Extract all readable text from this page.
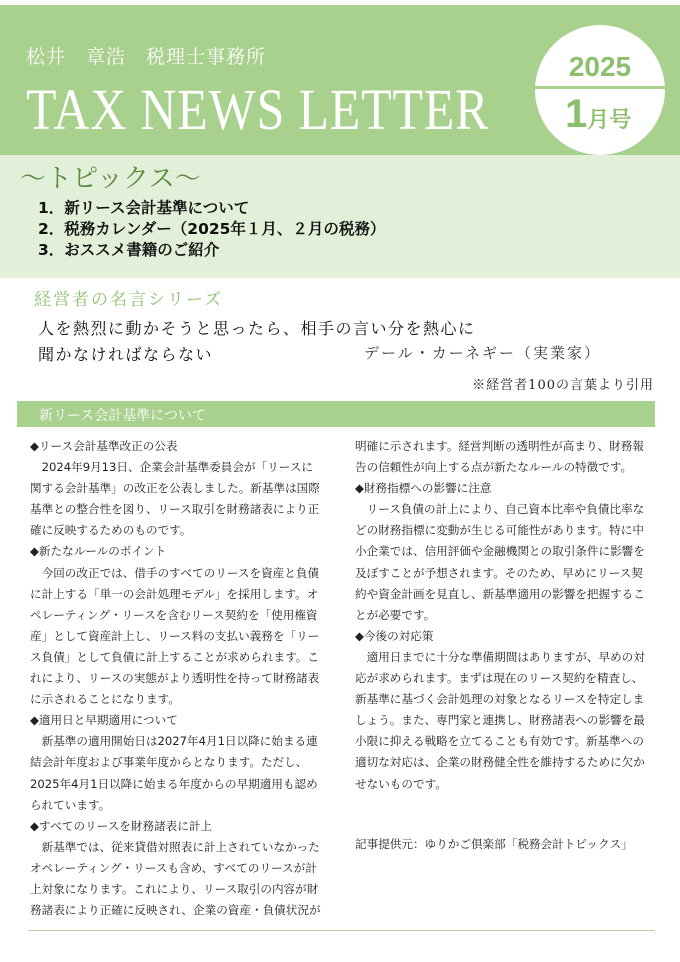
松井　章浩　税理士事務所
TAX NEWS LETTER
2025
1月号
～トピックス～
1．新リース会計基準について
2．税務カレンダー（2025年１月、２月の税務）
3．おススメ書籍のご紹介
経営者の名言シリーズ
人を熱烈に動かそうと思ったら、相手の言い分を熱心に
聞かなければならない	デール・カーネギー（実業家）
※経営者100の言葉より引用
新リース会計基準について
◆リース会計基準改正の公表
　2024年9月13日、企業会計基準委員会が「リースに
関する会計基準」の改正を公表しました。新基準は国際
基準との整合性を図り、リース取引を財務諸表により正
確に反映するためのものです。
◆新たなルールのポイント
　今回の改正では、借手のすべてのリースを資産と負債
に計上する「単一の会計処理モデル」を採用します。オ
ペレーティング・リースを含むリース契約を「使用権資
産」として資産計上し、リース料の支払い義務を「リー
ス負債」として負債に計上することが求められます。こ
れにより、リースの実態がより透明性を持って財務諸表
に示されることになります。
◆適用日と早期適用について
　新基準の適用開始日は2027年4月1日以降に始まる連
結会計年度および事業年度からとなります。ただし、
2025年4月1日以降に始まる年度からの早期適用も認め
られています。
◆すべてのリースを財務諸表に計上
　新基準では、従来貸借対照表に計上されていなかった
オペレーティング・リースも含め、すべてのリースが計
上対象になります。これにより、リース取引の内容が財
務諸表により正確に反映され、企業の資産・負債状況が
明確に示されます。経営判断の透明性が高まり、財務報
告の信頼性が向上する点が新たなルールの特徴です。
◆財務指標への影響に注意
　リース負債の計上により、自己資本比率や負債比率な
どの財務指標に変動が生じる可能性があります。特に中
小企業では、信用評価や金融機関との取引条件に影響を
及ぼすことが予想されます。そのため、早めにリース契
約や資金計画を見直し、新基準適用の影響を把握するこ
とが必要です。
◆今後の対応策
　適用日までに十分な準備期間はありますが、早めの対
応が求められます。まずは現在のリース契約を精査し、
新基準に基づく会計処理の対象となるリースを特定しま
しょう。また、専門家と連携し、財務諸表への影響を最
小限に抑える戦略を立てることも有効です。新基準への
適切な対応は、企業の財務健全性を維持するために欠か
せないものです。
記事提供元：ゆりかご倶楽部「税務会計トピックス」
